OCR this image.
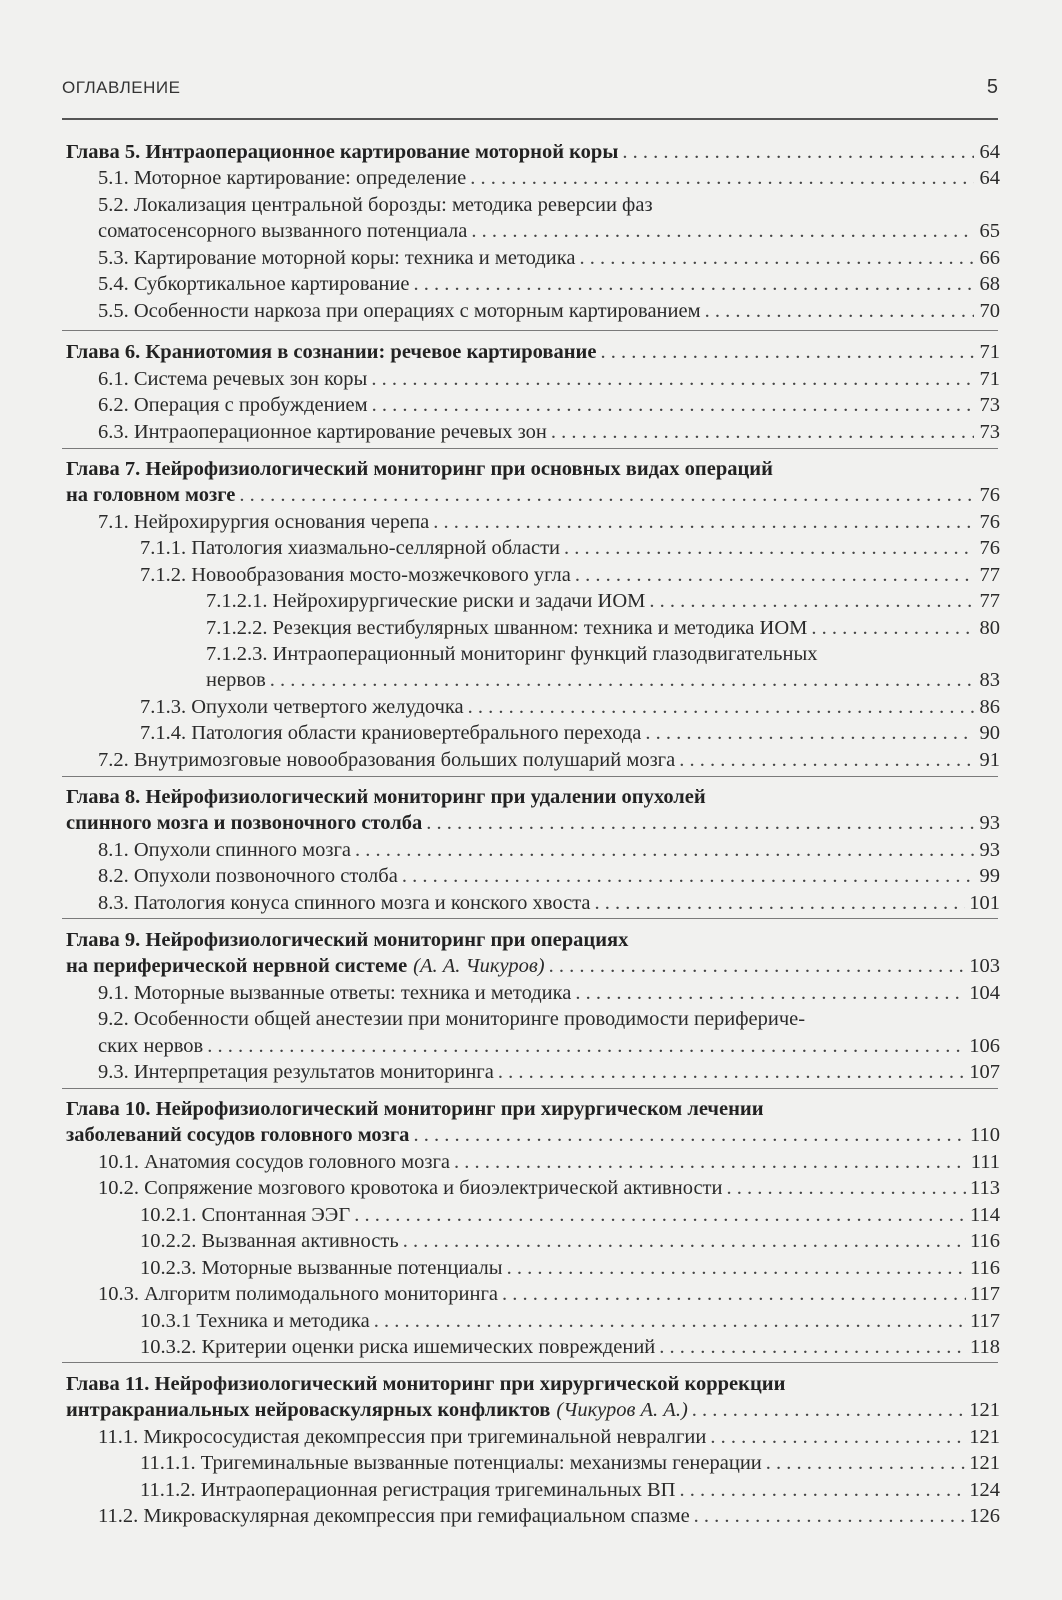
ОГЛАВЛЕНИЕ	5
Глава 5. Интраоперационное картирование моторной коры . . .	64
5.1. Моторное картирование: определение . . .	64
5.2. Локализация центральной борозды: методика реверсии фаз
соматосенсорного вызванного потенциала . . .	65
5.3. Картирование моторной коры: техника и методика . . .	66
5.4. Субкортикальное картирование . . .	68
5.5. Особенности наркоза при операциях с моторным картированием . . .	70
Глава 6. Краниотомия в сознании: речевое картирование . . .	71
6.1. Система речевых зон коры . . .	71
6.2. Операция с пробуждением . . .	73
6.3. Интраоперационное картирование речевых зон . . .	73
Глава 7. Нейрофизиологический мониторинг при основных видах операций
на головном мозге . . .	76
7.1. Нейрохирургия основания черепа . . .	76
7.1.1. Патология хиазмально-селлярной области . . .	76
7.1.2. Новообразования мосто-мозжечкового угла . . .	77
7.1.2.1. Нейрохирургические риски и задачи ИОМ . . .	77
7.1.2.2. Резекция вестибулярных шванном: техника и методика ИОМ . . .	80
7.1.2.3. Интраоперационный мониторинг функций глазодвигательных
нервов . . .	83
7.1.3. Опухоли четвертого желудочка . . .	86
7.1.4. Патология области краниовертебрального перехода . . .	90
7.2. Внутримозговые новообразования больших полушарий мозга . . .	91
Глава 8. Нейрофизиологический мониторинг при удалении опухолей
спинного мозга и позвоночного столба . . .	93
8.1. Опухоли спинного мозга . . .	93
8.2. Опухоли позвоночного столба . . .	99
8.3. Патология конуса спинного мозга и конского хвоста . . .	101
Глава 9. Нейрофизиологический мониторинг при операциях
на периферической нервной системе (А. А. Чикуров) . . .	103
9.1. Моторные вызванные ответы: техника и методика . . .	104
9.2. Особенности общей анестезии при мониторинге проводимости перифериче-
ских нервов . . .	106
9.3. Интерпретация результатов мониторинга . . .	107
Глава 10. Нейрофизиологический мониторинг при хирургическом лечении
заболеваний сосудов головного мозга . . .	110
10.1. Анатомия сосудов головного мозга . . .	111
10.2. Сопряжение мозгового кровотока и биоэлектрической активности . . .	113
10.2.1. Спонтанная ЭЭГ . . .	114
10.2.2. Вызванная активность . . .	116
10.2.3. Моторные вызванные потенциалы . . .	116
10.3. Алгоритм полимодального мониторинга . . .	117
10.3.1 Техника и методика . . .	117
10.3.2. Критерии оценки риска ишемических повреждений . . .	118
Глава 11. Нейрофизиологический мониторинг при хирургической коррекции
интракраниальных нейроваскулярных конфликтов (Чикуров А. А.) . . .	121
11.1. Микрососудистая декомпрессия при тригеминальной невралгии . . .	121
11.1.1. Тригеминальные вызванные потенциалы: механизмы генерации . . .	121
11.1.2. Интраоперационная регистрация тригеминальных ВП . . .	124
11.2. Микроваскулярная декомпрессия при гемифациальном спазме . . .	126
